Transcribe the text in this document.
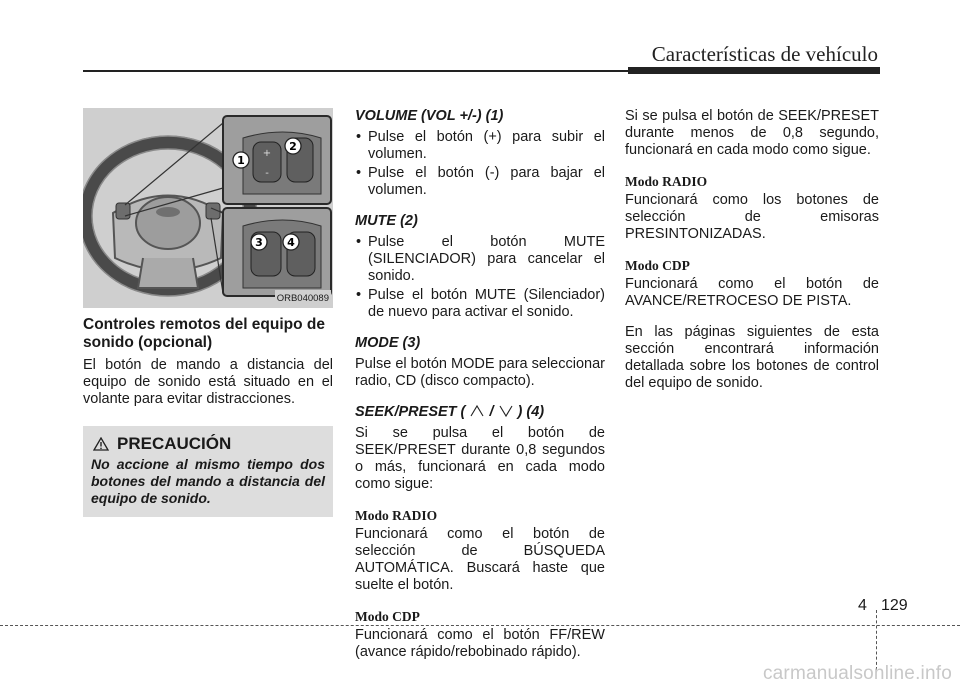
Características de vehículo
+
-
1
2
3 4
ORB040089
Controles remotos del equipo de sonido (opcional)

El botón de mando a distancia del equipo de sonido está situado en el volante para evitar distracciones.

PRECAUCIÓN
No accione al mismo tiempo dos botones del mando a distancia del equipo de sonido.
VOLUME (VOL +/-) (1)
• Pulse el botón (+) para subir el volumen.
• Pulse el botón (-) para bajar el volumen.
MUTE (2)
• Pulse el botón MUTE (SILENCIADOR) para cancelar el sonido.
• Pulse el botón MUTE (Silenciador) de nuevo para activar el sonido.
MODE (3)

Pulse el botón MODE para seleccionar radio, CD (disco compacto).

SEEK/PRESET ( / ) (4)

Si se pulsa el botón de SEEK/PRESET durante 0,8 segundos o más, funcionará en cada modo como sigue:

Modo RADIO

Funcionará como el botón de selección de BÚSQUEDA AUTOMÁTICA. Buscará haste que suelte el botón.

Modo CDP

Funcionará como el botón FF/REW (avance rápido/rebobinado rápido).

Si se pulsa el botón de SEEK/PRESET durante menos de 0,8 segundo, funcionará en cada modo como sigue.

Modo RADIO

Funcionará como los botones de selección de emisoras PRESINTONIZADAS.

Modo CDP

Funcionará como el botón de AVANCE/RETROCESO DE PISTA.

En las páginas siguientes de esta sección encontrará información detallada sobre los botones de control del equipo de sonido.

4 129
carmanualsonline.info
